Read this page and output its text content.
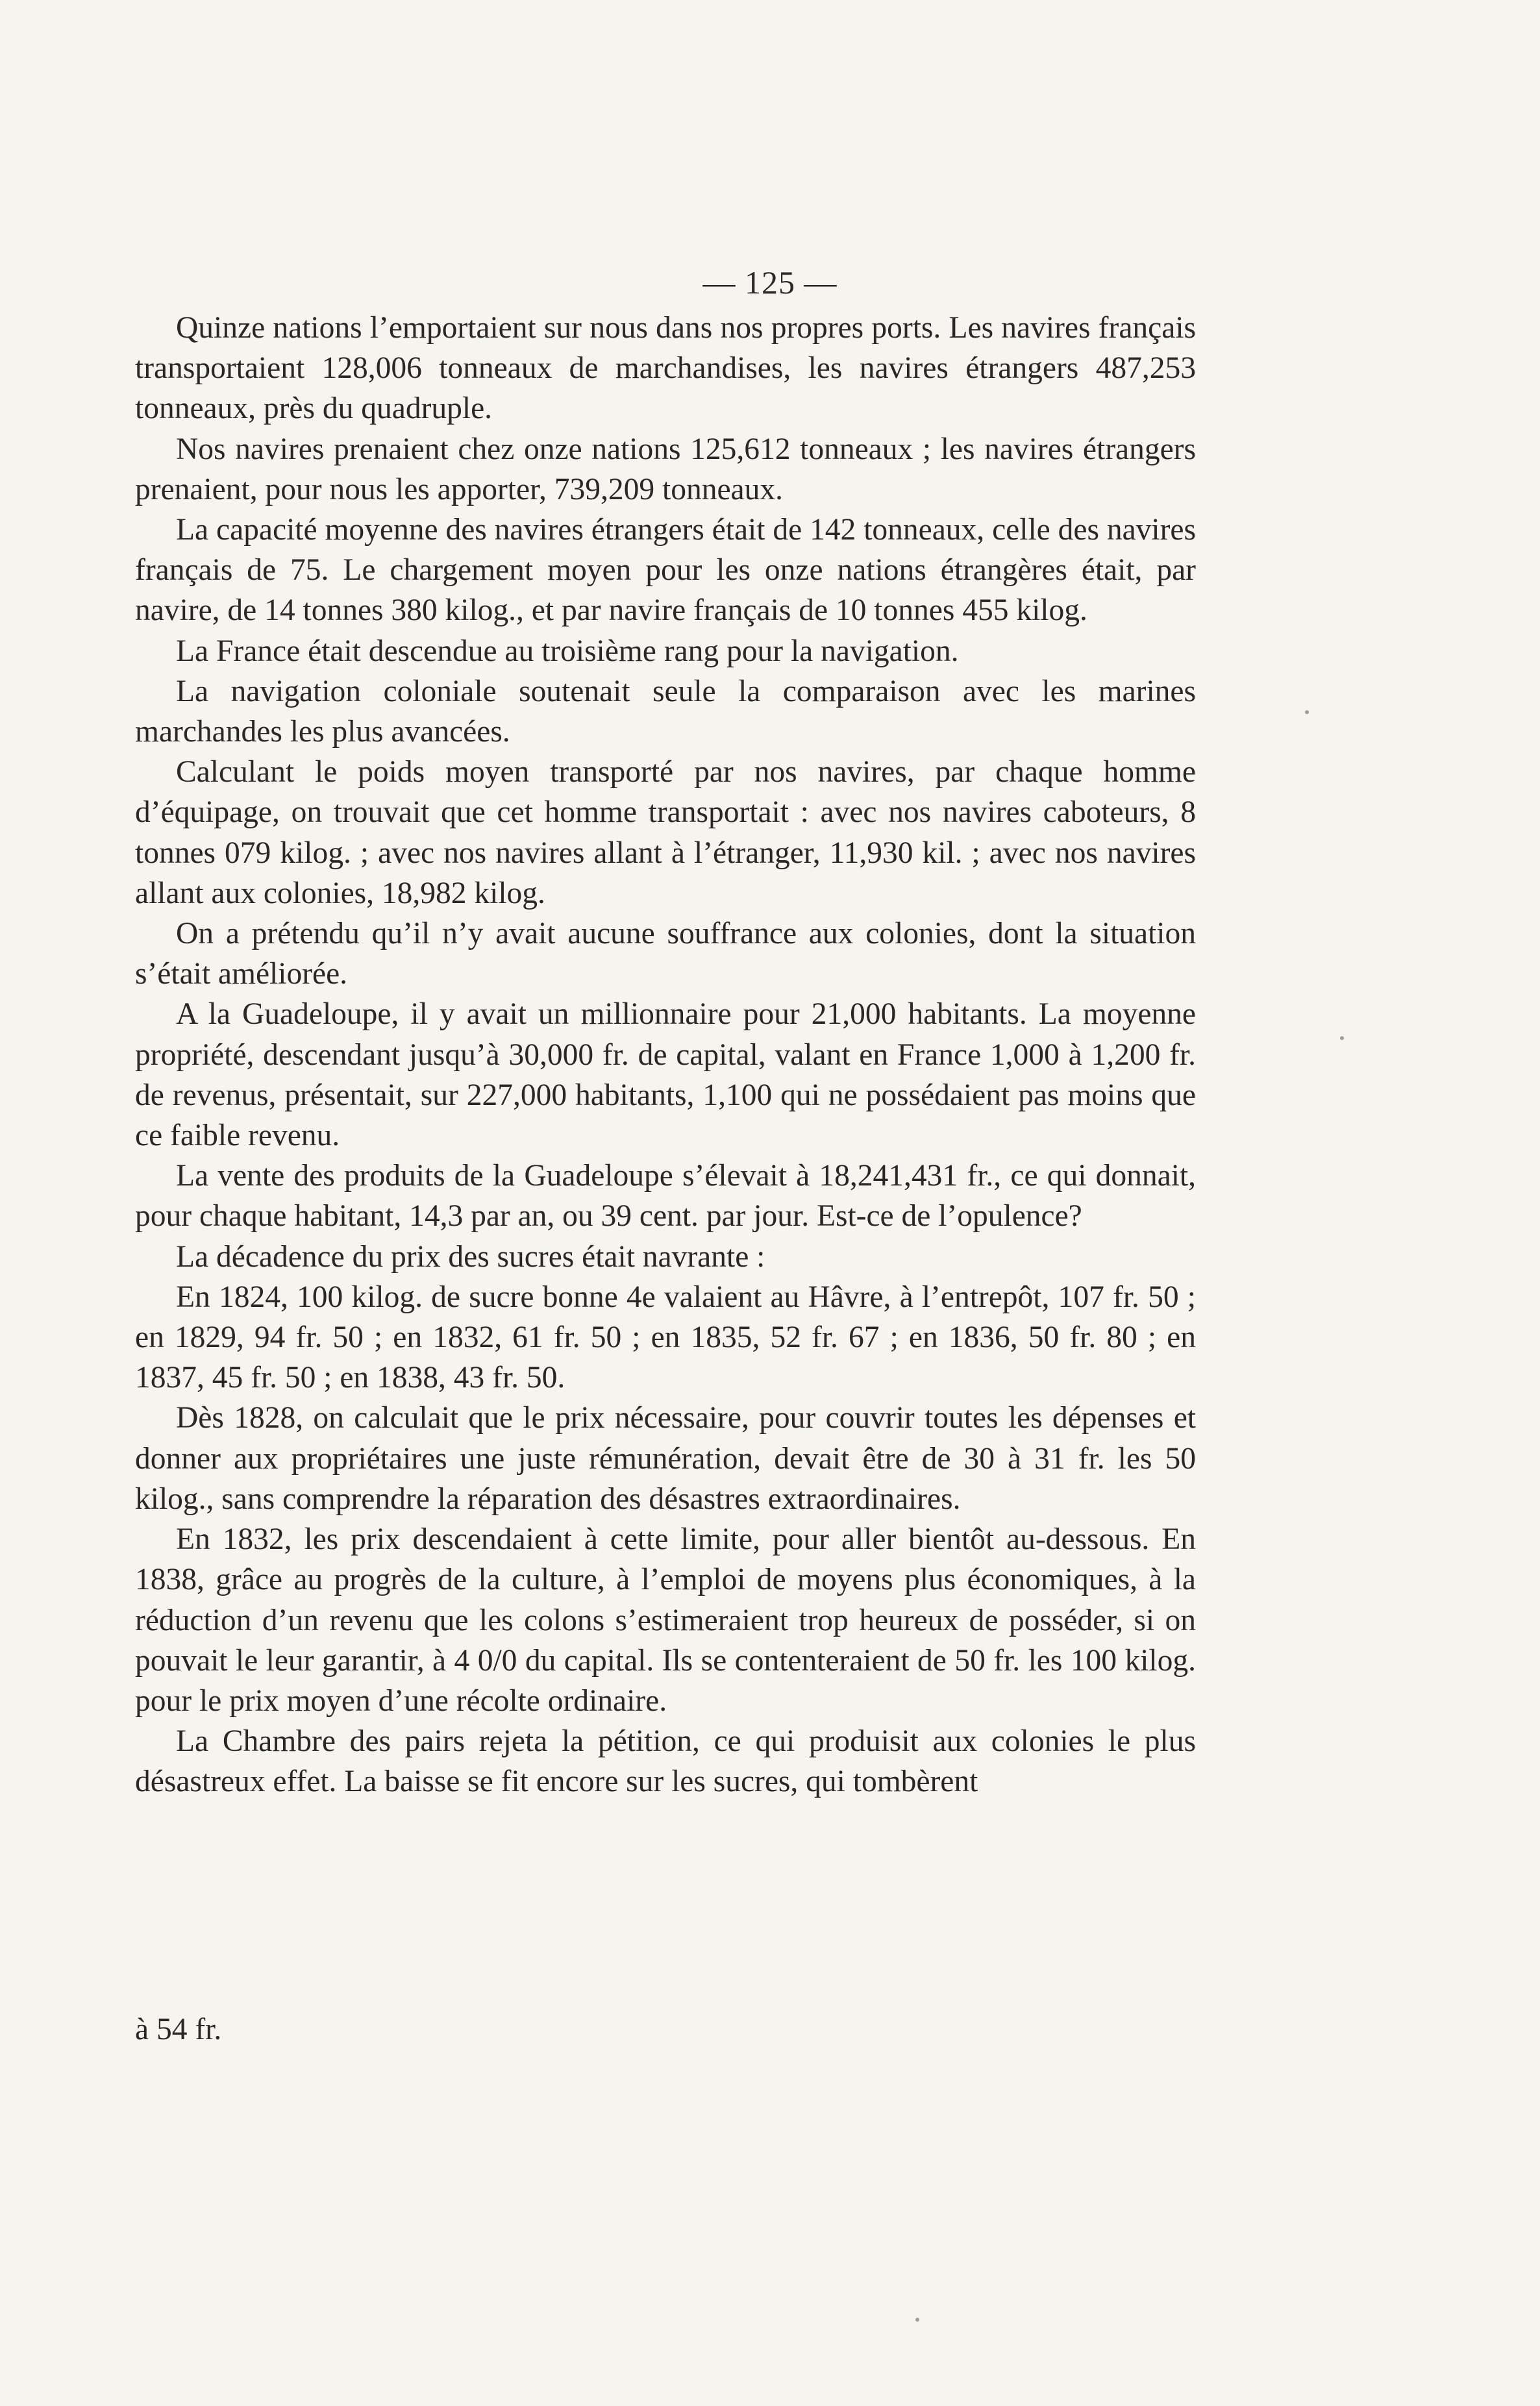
— 125 —

Quinze nations l’emportaient sur nous dans nos propres ports. Les navires français transportaient 128,006 tonneaux de marchandises, les navires étrangers 487,253 tonneaux, près du quadruple.

Nos navires prenaient chez onze nations 125,612 tonneaux ; les navires étrangers prenaient, pour nous les apporter, 739,209 tonneaux.

La capacité moyenne des navires étrangers était de 142 tonneaux, celle des navires français de 75. Le chargement moyen pour les onze nations étrangères était, par navire, de 14 tonnes 380 kilog., et par navire français de 10 tonnes 455 kilog.

La France était descendue au troisième rang pour la navigation.

La navigation coloniale soutenait seule la comparaison avec les marines marchandes les plus avancées.

Calculant le poids moyen transporté par nos navires, par chaque homme d’équipage, on trouvait que cet homme transportait : avec nos navires caboteurs, 8 tonnes 079 kilog. ; avec nos navires allant à l’étranger, 11,930 kil. ; avec nos navires allant aux colonies, 18,982 kilog.

On a prétendu qu’il n’y avait aucune souffrance aux colonies, dont la situation s’était améliorée.

A la Guadeloupe, il y avait un millionnaire pour 21,000 habitants. La moyenne propriété, descendant jusqu’à 30,000 fr. de capital, valant en France 1,000 à 1,200 fr. de revenus, présentait, sur 227,000 habitants, 1,100 qui ne possédaient pas moins que ce faible revenu.

La vente des produits de la Guadeloupe s’élevait à 18,241,431 fr., ce qui donnait, pour chaque habitant, 14,3 par an, ou 39 cent. par jour. Est-ce de l’opulence?

La décadence du prix des sucres était navrante :

En 1824, 100 kilog. de sucre bonne 4e valaient au Hâvre, à l’entrepôt, 107 fr. 50 ; en 1829, 94 fr. 50 ; en 1832, 61 fr. 50 ; en 1835, 52 fr. 67 ; en 1836, 50 fr. 80 ; en 1837, 45 fr. 50 ; en 1838, 43 fr. 50.

Dès 1828, on calculait que le prix nécessaire, pour couvrir toutes les dépenses et donner aux propriétaires une juste rémunération, devait être de 30 à 31 fr. les 50 kilog., sans comprendre la réparation des désastres extraordinaires.

En 1832, les prix descendaient à cette limite, pour aller bientôt au-dessous. En 1838, grâce au progrès de la culture, à l’emploi de moyens plus économiques, à la réduction d’un revenu que les colons s’estimeraient trop heureux de posséder, si on pouvait le leur garantir, à 4 0/0 du capital. Ils se contenteraient de 50 fr. les 100 kilog. pour le prix moyen d’une récolte ordinaire.

La Chambre des pairs rejeta la pétition, ce qui produisit aux colonies le plus désastreux effet. La baisse se fit encore sur les sucres, qui tombèrent

à 54 fr.
